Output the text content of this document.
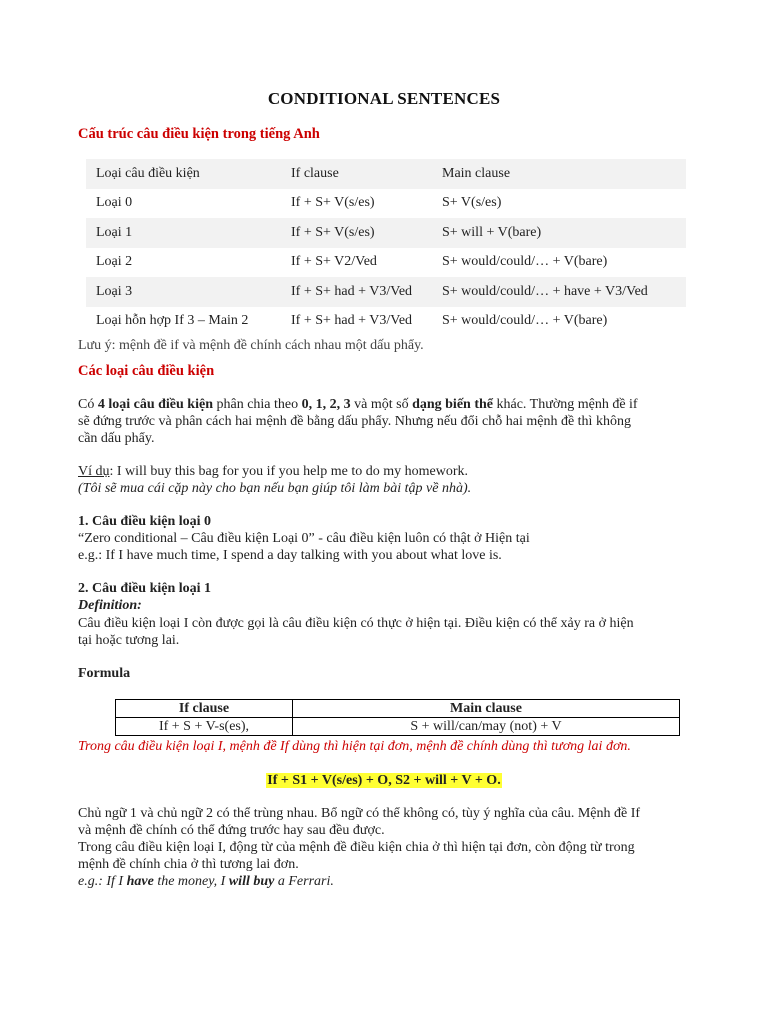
CONDITIONAL SENTENCES
Cấu trúc câu điều kiện trong tiếng Anh
Loại câu điều kiện	If clause	Main clause
Loại 0	If + S+ V(s/es)	S+ V(s/es)
Loại 1	If + S+ V(s/es)	S+ will + V(bare)
Loại 2	If + S+ V2/Ved	S+ would/could/… + V(bare)
Loại 3	If + S+ had + V3/Ved	S+ would/could/… + have + V3/Ved
Loại hỗn hợp If 3 – Main 2	If + S+ had + V3/Ved	S+ would/could/… + V(bare)
Lưu ý: mệnh đề if và mệnh đề chính cách nhau một dấu phẩy.
Các loại câu điều kiện
Có 4 loại câu điều kiện phân chia theo 0, 1, 2, 3 và một số dạng biến thể khác. Thường mệnh đề if
sẽ đứng trước và phân cách hai mệnh đề bằng dấu phẩy. Nhưng nếu đổi chỗ hai mệnh đề thì không
cần dấu phẩy.
Ví dụ: I will buy this bag for you if you help me to do my homework.
(Tôi sẽ mua cái cặp này cho bạn nếu bạn giúp tôi làm bài tập về nhà).
1. Câu điều kiện loại 0
“Zero conditional – Câu điều kiện Loại 0” - câu điều kiện luôn có thật ở Hiện tại
e.g.: If I have much time, I spend a day talking with you about what love is.
2. Câu điều kiện loại 1
Definition:
Câu điều kiện loại I còn được gọi là câu điều kiện có thực ở hiện tại. Điều kiện có thể xảy ra ở hiện
tại hoặc tương lai.
Formula
If clause	Main clause
If + S + V-s(es),	S + will/can/may (not) + V
Trong câu điều kiện loại I, mệnh đề If dùng thì hiện tại đơn, mệnh đề chính dùng thì tương lai đơn.
If + S1 + V(s/es) + O, S2 + will + V + O.
Chủ ngữ 1 và chủ ngữ 2 có thể trùng nhau. Bổ ngữ có thể không có, tùy ý nghĩa của câu. Mệnh đề If
và mệnh đề chính có thể đứng trước hay sau đều được.
Trong câu điều kiện loại I, động từ của mệnh đề điều kiện chia ở thì hiện tại đơn, còn động từ trong
mệnh đề chính chia ở thì tương lai đơn.
e.g.: If I have the money, I will buy a Ferrari.
